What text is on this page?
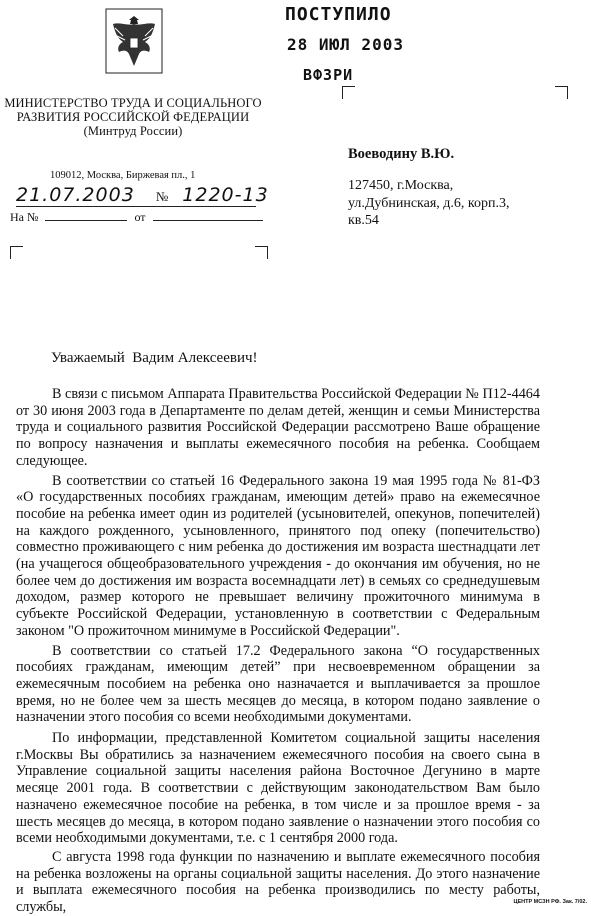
МИНИСТЕРСТВО ТРУДА И СОЦИАЛЬНОГО
РАЗВИТИЯ РОССИЙСКОЙ ФЕДЕРАЦИИ
(Минтруд России)
ПОСТУПИЛО
28 ИЮЛ 2003
ВФЗРИ
109012, Москва, Биржевая пл., 1
21.07.2003 № 1220-13
На №	от
Воеводину В.Ю.
127450, г.Москва,
ул.Дубнинская, д.6, корп.3,
кв.54
Уважаемый  Вадим Алексеевич!

В связи с письмом Аппарата Правительства Российской Федерации № П12-4464 от 30 июня 2003 года в Департаменте по делам детей, женщин и семьи Министерства труда и социального развития Российской Федерации рассмотрено Ваше обращение по вопросу назначения и выплаты ежемесячного пособия на ребенка. Сообщаем следующее.

В соответствии со статьей 16 Федерального закона 19 мая 1995 года № 81-ФЗ «О государственных пособиях гражданам, имеющим детей» право на ежемесячное пособие на ребенка имеет один из родителей (усыновителей, опекунов, попечителей) на каждого рожденного, усыновленного, принятого под опеку (попечительство) совместно проживающего с ним ребенка до достижения им возраста шестнадцати лет (на учащегося общеобразовательного учреждения - до окончания им обучения, но не более чем до достижения им возраста восемнадцати лет) в семьях со среднедушевым доходом, размер которого не превышает величину прожиточного минимума в субъекте Российской Федерации, установленную в соответствии с Федеральным законом "О прожиточном минимуме в Российской Федерации".

В соответствии со статьей 17.2 Федерального закона “О государственных пособиях гражданам, имеющим детей” при несвоевременном обращении за ежемесячным пособием на ребенка оно назначается и выплачивается за прошлое время, но не более чем за шесть месяцев до месяца, в котором подано заявление о назначении этого пособия со всеми необходимыми документами.

По информации, представленной Комитетом социальной защиты населения г.Москвы Вы обратились за назначением ежемесячного пособия на своего сына в Управление социальной защиты населения района Восточное Дегунино в марте месяце 2001 года. В соответствии с действующим законодательством Вам было назначено ежемесячное пособие на ребенка, в том числе и за прошлое время - за шесть месяцев до месяца, в котором подано заявление о назначении этого пособия со всеми необходимыми документами, т.е. с 1 сентября 2000 года.

С августа 1998 года функции по назначению и выплате ежемесячного пособия на ребенка возложены на органы социальной защиты населения. До этого назначение и выплата ежемесячного пособия на ребенка производились по месту работы, службы,	ЦЕНТР МСЗН РФ. Зак. 7/02.
